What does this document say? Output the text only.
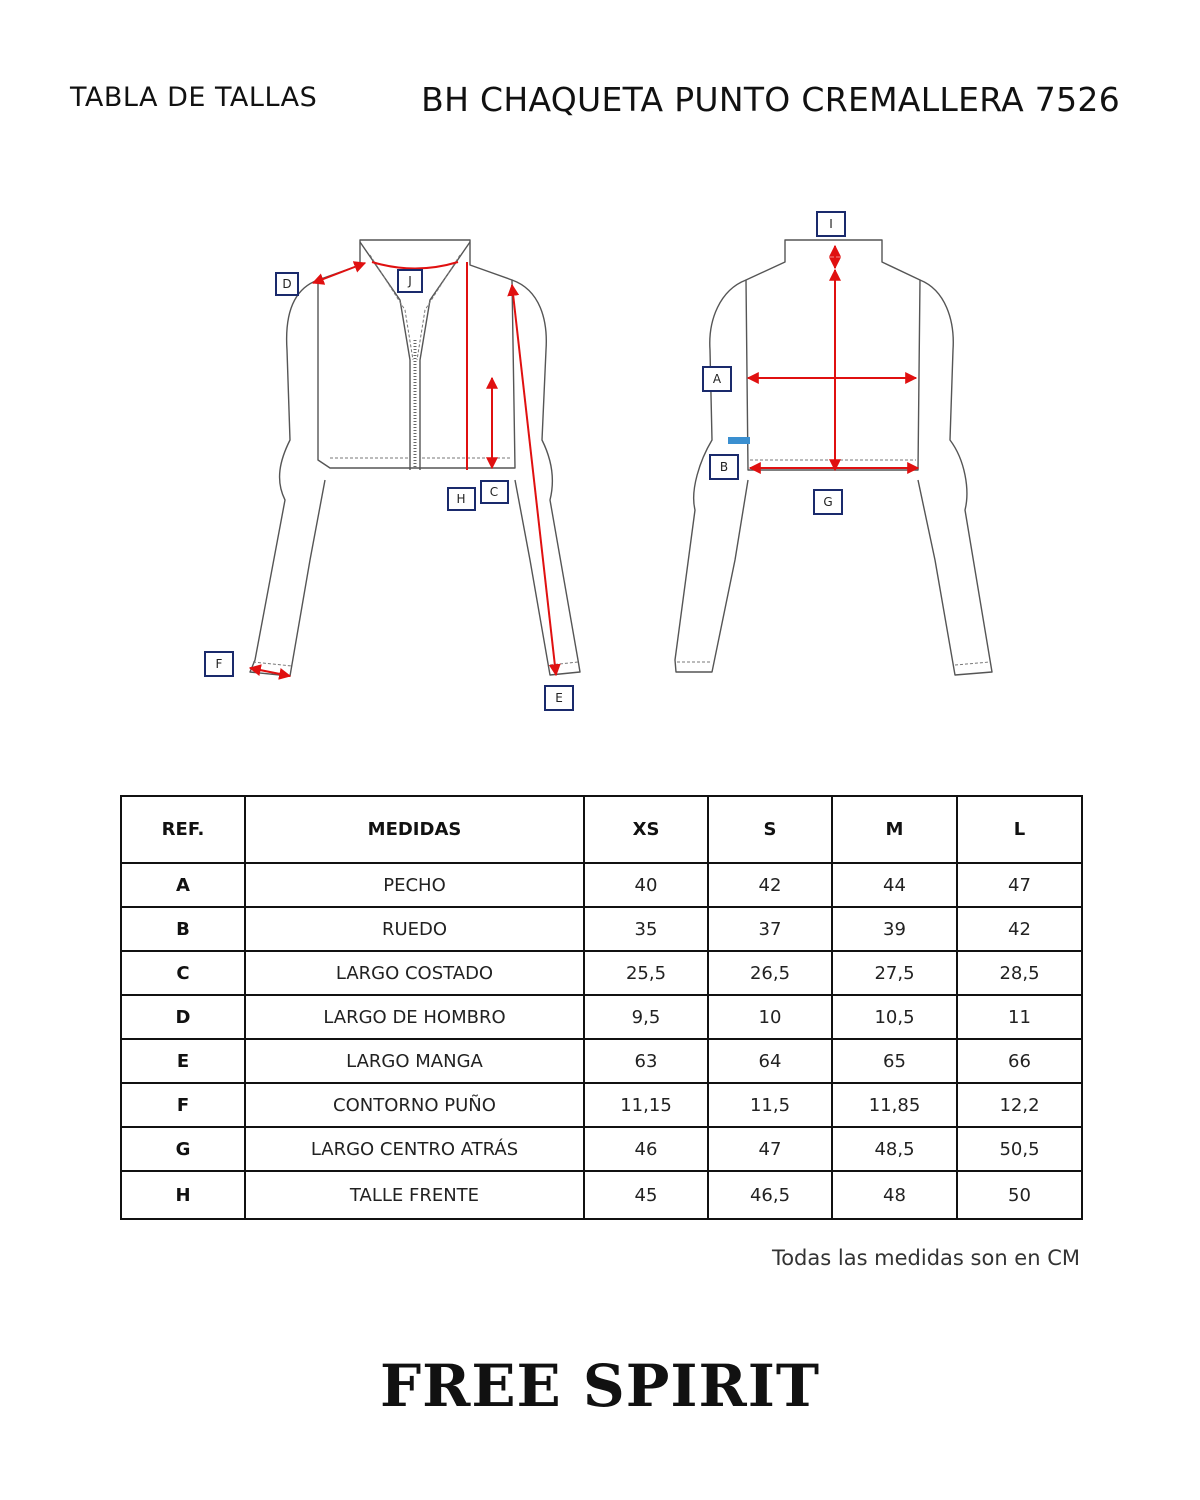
TABLA DE TALLAS	BH CHAQUETA PUNTO CREMALLERA 7526
D	J
H C
F
E
I
A
B
G
REF.	MEDIDAS	XS	S	M	L
A	PECHO	40	42	44	47
B	RUEDO	35	37	39	42
C	LARGO COSTADO	25,5	26,5	27,5	28,5
D	LARGO DE HOMBRO	9,5	10	10,5	11
E	LARGO MANGA	63	64	65	66
F	CONTORNO PUÑO	11,15	11,5	11,85	12,2
G	LARGO CENTRO ATRÁS	46	47	48,5	50,5
H	TALLE FRENTE	45	46,5	48	50
Todas las medidas son en CM
FREE SPIRIT
